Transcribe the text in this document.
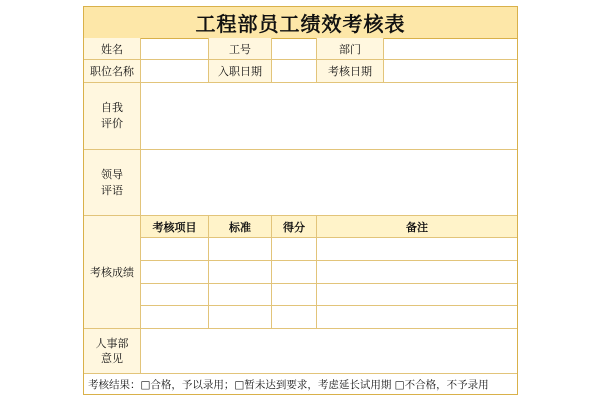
工程部员工绩效考核表
姓名	工号	部门
职位名称	入职日期	考核日期
自我
评价
领导
评语
考核成绩
考核项目	标准	得分	备注
人事部
意见
考核结果：□合格，予以录用；□暂未达到要求，考虑延长试用期 □不合格，不予录用
